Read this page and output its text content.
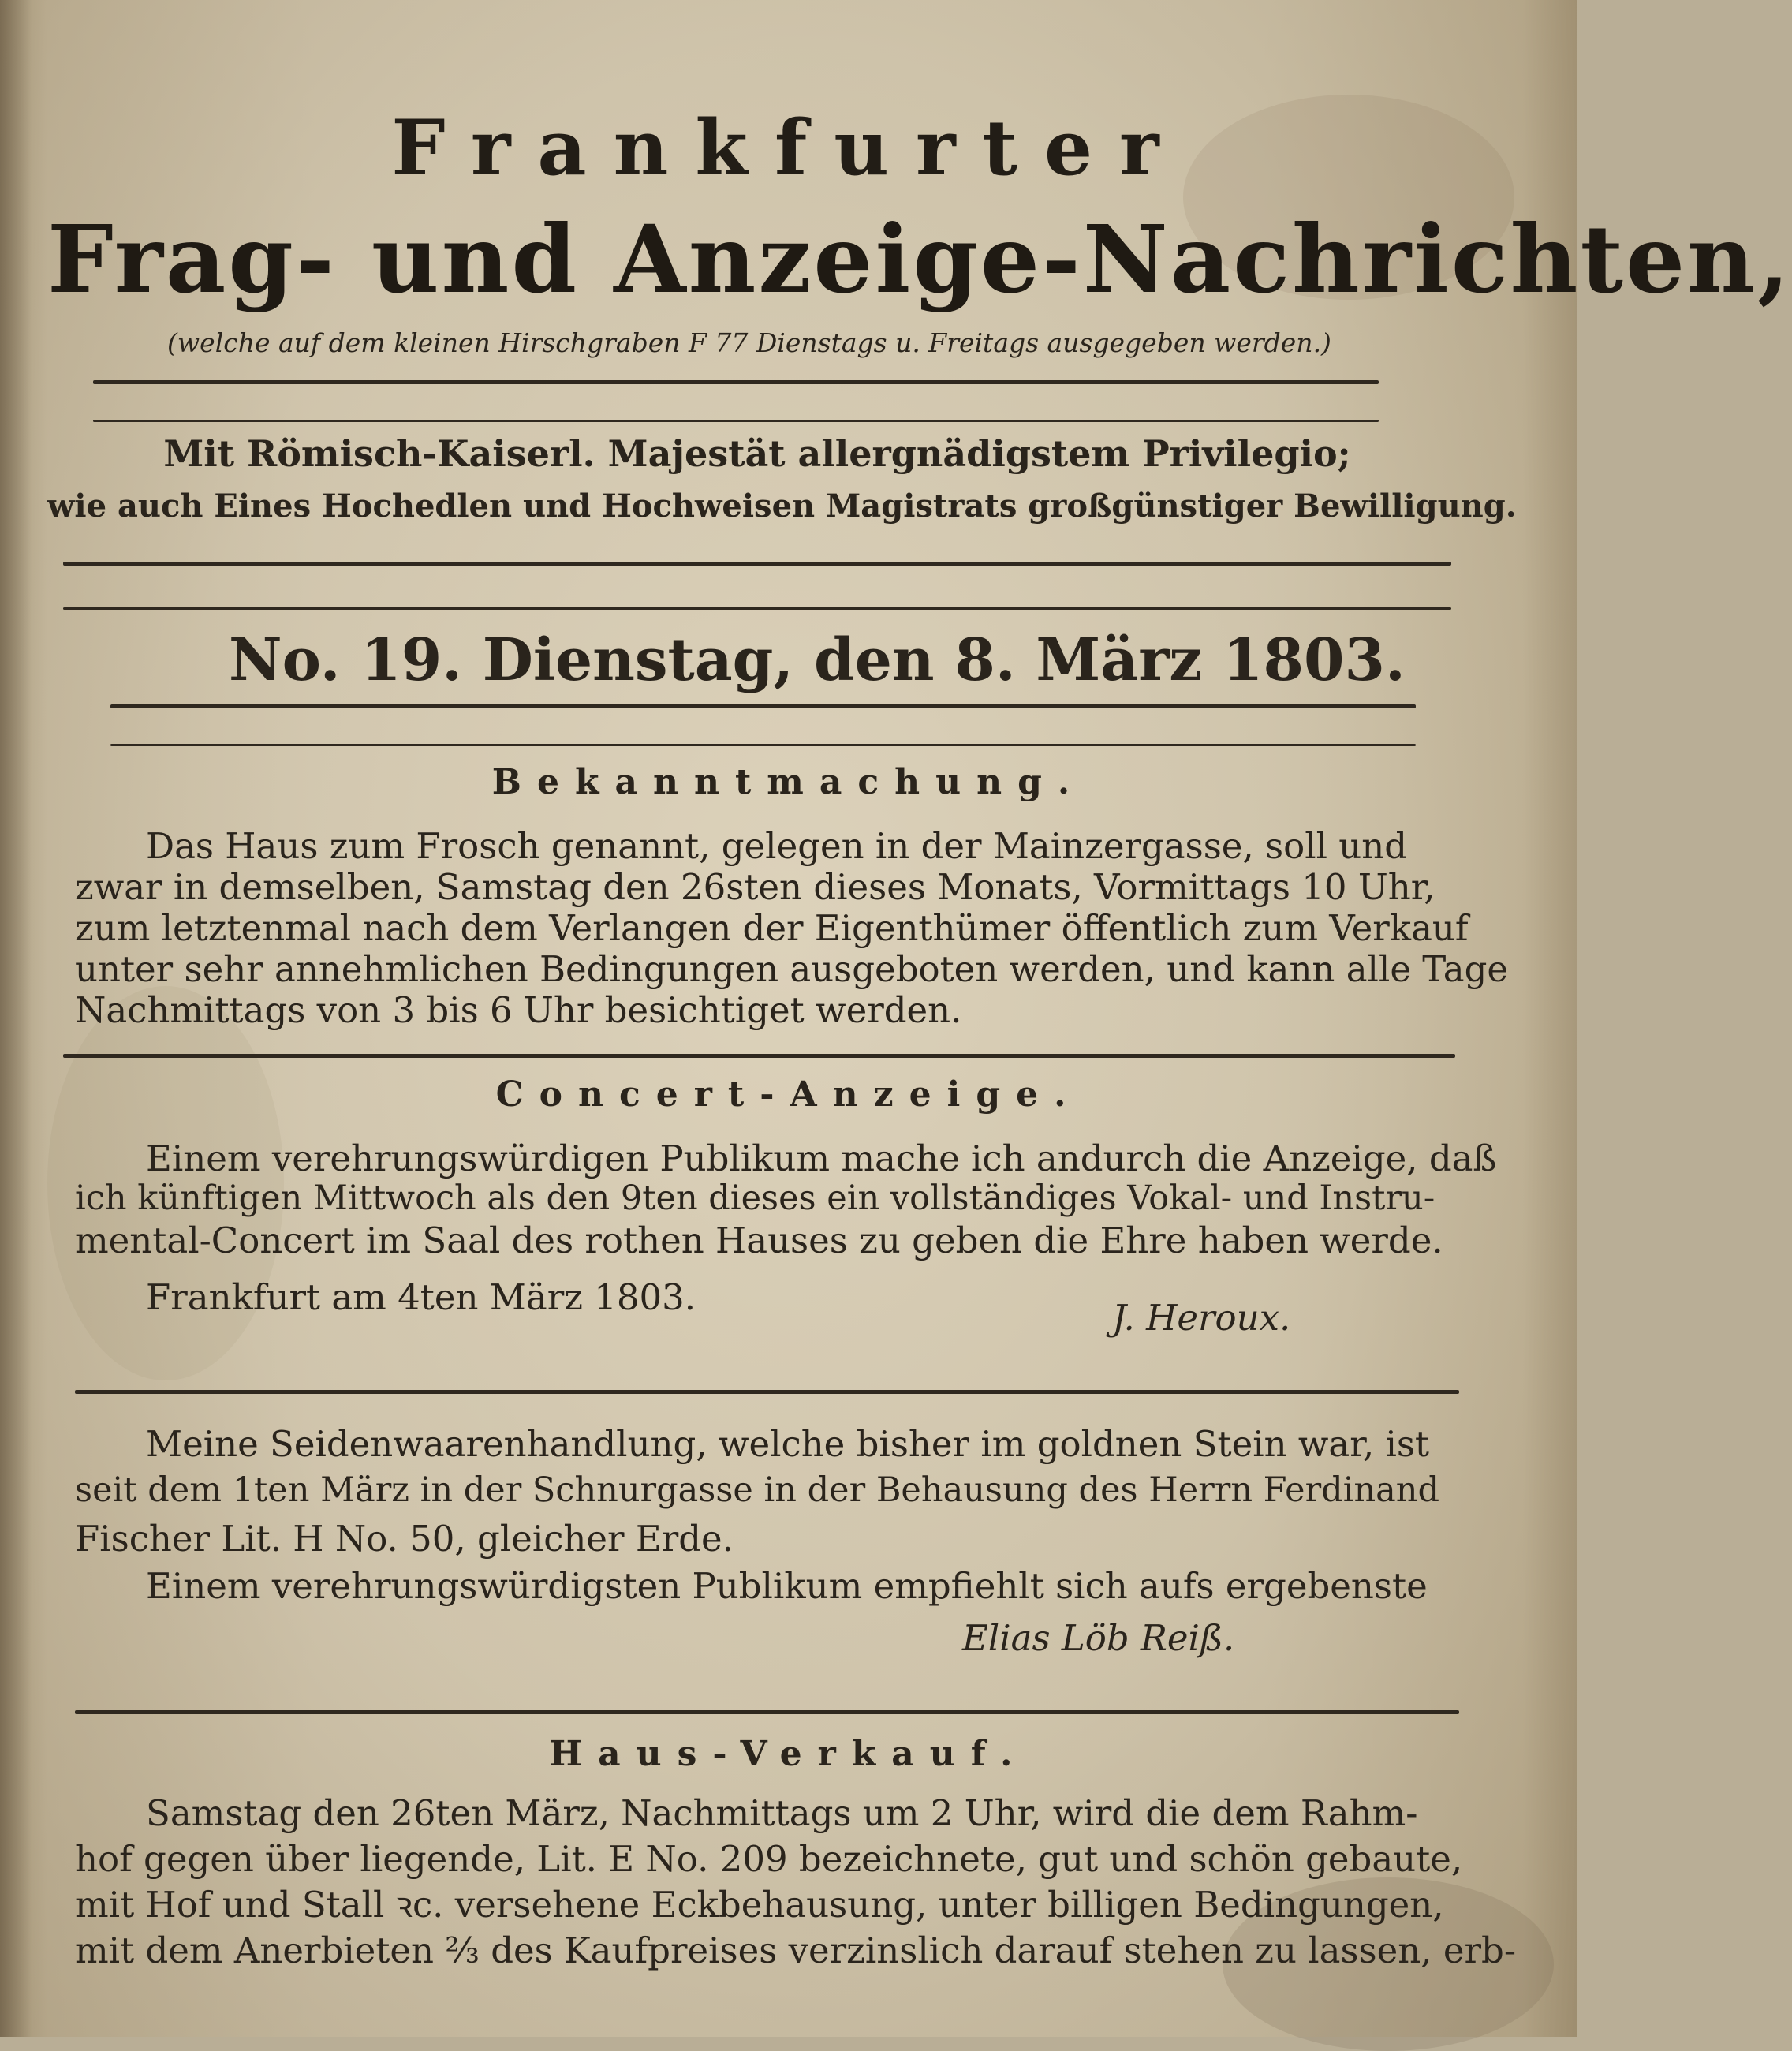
Frankfurter
Frag- und Anzeige-Nachrichten,
(welche auf dem kleinen Hirschgraben F 77 Dienstags u. Freitags ausgegeben werden.)
Mit Römisch-Kaiserl. Majestät allergnädigstem Privilegio;
wie auch Eines Hochedlen und Hochweisen Magistrats großgünstiger Bewilligung.
No. 19. Dienstag, den 8. März 1803.
Bekanntmachung.
Das Haus zum Frosch genannt, gelegen in der Mainzergasse, soll und
zwar in demselben, Samstag den 26sten dieses Monats, Vormittags 10 Uhr,
zum letztenmal nach dem Verlangen der Eigenthümer öffentlich zum Verkauf
unter sehr annehmlichen Bedingungen ausgeboten werden, und kann alle Tage
Nachmittags von 3 bis 6 Uhr besichtiget werden.
Concert-Anzeige.
Einem verehrungswürdigen Publikum mache ich andurch die Anzeige, daß
ich künftigen Mittwoch als den 9ten dieses ein vollständiges Vokal- und Instru-
mental-Concert im Saal des rothen Hauses zu geben die Ehre haben werde.
Frankfurt am 4ten März 1803.	J. Heroux.
Meine Seidenwaarenhandlung, welche bisher im goldnen Stein war, ist
seit dem 1ten März in der Schnurgasse in der Behausung des Herrn Ferdinand
Fischer Lit. H No. 50, gleicher Erde.
Einem verehrungswürdigsten Publikum empfiehlt sich aufs ergebenste
Elias Löb Reiß.
Haus-Verkauf.
Samstag den 26ten März, Nachmittags um 2 Uhr, wird die dem Rahm-
hof gegen über liegende, Lit. E No. 209 bezeichnete, gut und schön gebaute,
mit Hof und Stall ꝛc. versehene Eckbehausung, unter billigen Bedingungen,
mit dem Anerbieten ⅔ des Kaufpreises verzinslich darauf stehen zu lassen, erb-
